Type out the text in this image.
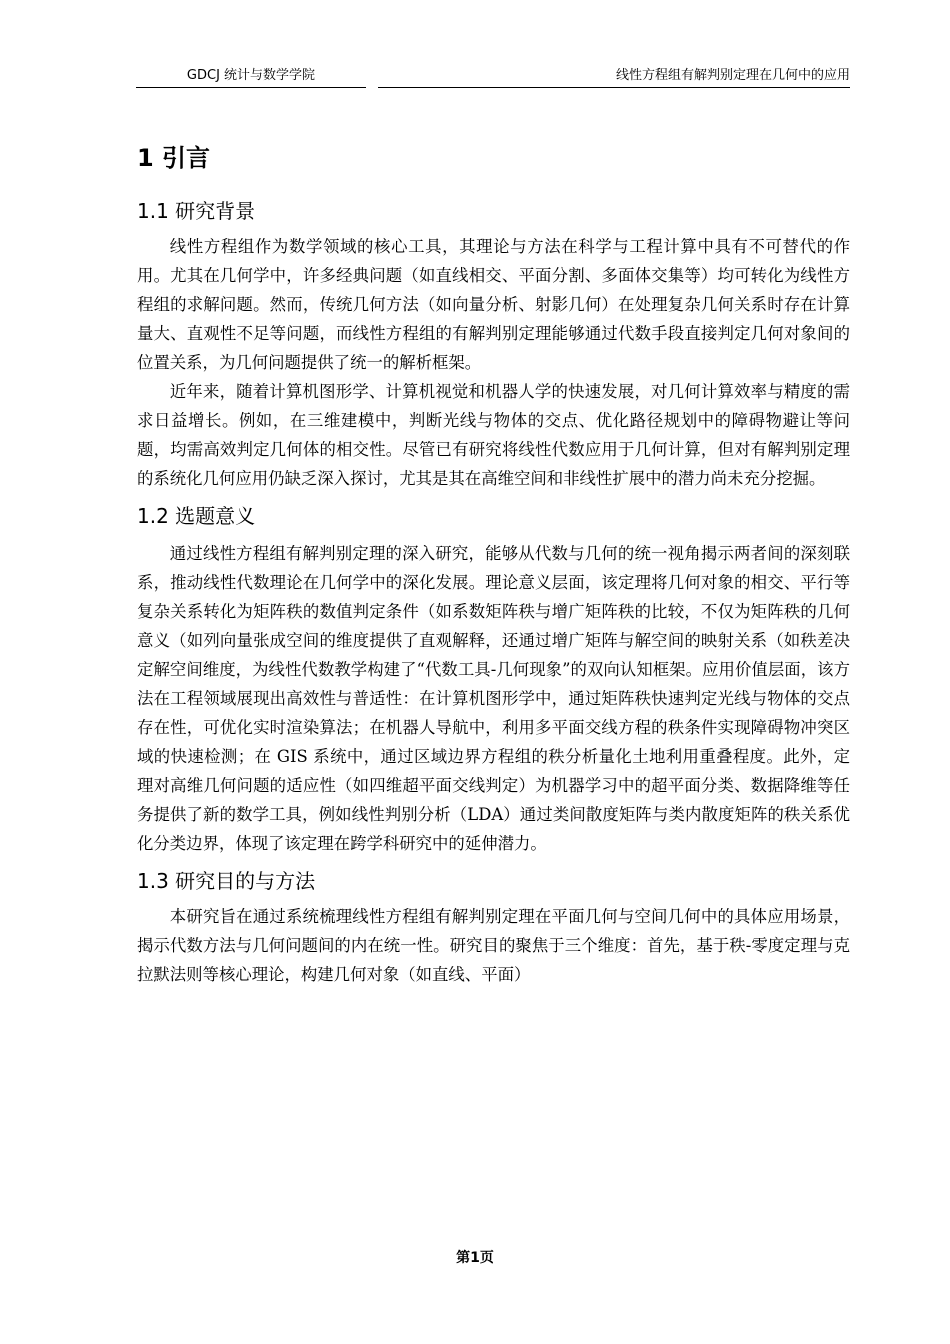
GDCJ 统计与数学学院	线性方程组有解判别定理在几何中的应用
1 引言
1.1 研究背景

线性方程组作为数学领域的核心工具，其理论与方法在科学与工程计算中具有不可替代的作用。尤其在几何学中，许多经典问题（如直线相交、平面分割、多面体交集等）均可转化为线性方程组的求解问题。然而，传统几何方法（如向量分析、射影几何）在处理复杂几何关系时存在计算量大、直观性不足等问题，而线性方程组的有解判别定理能够通过代数手段直接判定几何对象间的位置关系，为几何问题提供了统一的解析框架。

近年来，随着计算机图形学、计算机视觉和机器人学的快速发展，对几何计算效率与精度的需求日益增长。例如，在三维建模中，判断光线与物体的交点、优化路径规划中的障碍物避让等问题，均需高效判定几何体的相交性。尽管已有研究将线性代数应用于几何计算，但对有解判别定理的系统化几何应用仍缺乏深入探讨，尤其是其在高维空间和非线性扩展中的潜力尚未充分挖掘。

1.2 选题意义

通过线性方程组有解判别定理的深入研究，能够从代数与几何的统一视角揭示两者间的深刻联系，推动线性代数理论在几何学中的深化发展。理论意义层面，该定理将几何对象的相交、平行等复杂关系转化为矩阵秩的数值判定条件（如系数矩阵秩与增广矩阵秩的比较，不仅为矩阵秩的几何意义（如列向量张成空间的维度提供了直观解释，还通过增广矩阵与解空间的映射关系（如秩差决定解空间维度，为线性代数教学构建了“代数工具-几何现象”的双向认知框架。应用价值层面，该方法在工程领域展现出高效性与普适性：在计算机图形学中，通过矩阵秩快速判定光线与物体的交点存在性，可优化实时渲染算法；在机器人导航中，利用多平面交线方程的秩条件实现障碍物冲突区域的快速检测；在 GIS 系统中，通过区域边界方程组的秩分析量化土地利用重叠程度。此外，定理对高维几何问题的适应性（如四维超平面交线判定）为机器学习中的超平面分类、数据降维等任务提供了新的数学工具，例如线性判别分析（LDA）通过类间散度矩阵与类内散度矩阵的秩关系优化分类边界，体现了该定理在跨学科研究中的延伸潜力。

1.3 研究目的与方法

本研究旨在通过系统梳理线性方程组有解判别定理在平面几何与空间几何中的具体应用场景，揭示代数方法与几何问题间的内在统一性。研究目的聚焦于三个维度：首先，基于秩-零度定理与克拉默法则等核心理论，构建几何对象（如直线、平面）

第1页
